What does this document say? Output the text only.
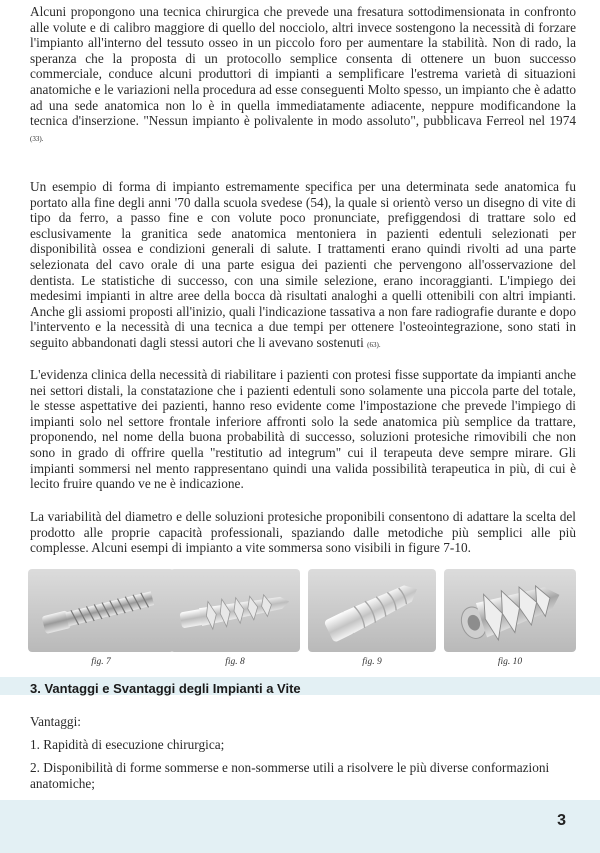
Alcuni propongono una tecnica chirurgica che prevede una fresatura sottodimensionata in confronto alle volute e di calibro maggiore di quello del nocciolo, altri invece sostengono la necessità di forzare l'impianto all'interno del tessuto osseo in un piccolo foro per aumentare la stabilità. Non di rado, la speranza che la proposta di un protocollo semplice consenta di ottenere un buon successo commerciale, conduce alcuni produttori di impianti a semplificare l'estrema varietà di situazioni anatomiche e le variazioni nella procedura ad esse conseguenti Molto spesso, un impianto che è adatto ad una sede anatomica non lo è in quella immediatamente adiacente, neppure modificandone la tecnica d'inserzione. "Nessun impianto è polivalente in modo assoluto", pubblicava Ferreol nel 1974 (33).

Un esempio di forma di impianto estremamente specifica per una determinata sede anatomica fu portato alla fine degli anni '70 dalla scuola svedese (54), la quale si orientò verso un disegno di vite di tipo da ferro, a passo fine e con volute poco pronunciate, prefiggendosi di trattare solo ed esclusivamente la granitica sede anatomica mentoniera in pazienti edentuli selezionati per disponibilità ossea e condizioni generali di salute. I trattamenti erano quindi rivolti ad una parte selezionata del cavo orale di una parte esigua dei pazienti che pervengono all'osservazione del dentista. Le statistiche di successo, con una simile selezione, erano incoraggianti. L'impiego dei medesimi impianti in altre aree della bocca dà risultati analoghi a quelli ottenibili con altri impianti. Anche gli assiomi proposti all'inizio, quali l'indicazione tassativa a non fare radiografie durante e dopo l'intervento e la necessità di una tecnica a due tempi per ottenere l'osteointegrazione, sono stati in seguito abbandonati dagli stessi autori che li avevano sostenuti (63).

L'evidenza clinica della necessità di riabilitare i pazienti con protesi fisse supportate da impianti anche nei settori distali, la constatazione che i pazienti edentuli sono solamente una piccola parte del totale, le stesse aspettative dei pazienti, hanno reso evidente come l'impostazione che prevede l'impiego di impianti solo nel settore frontale inferiore affronti solo la sede anatomica più semplice da trattare, proponendo, nel nome della buona probabilità di successo, soluzioni protesiche rimovibili che non sono in grado di offrire quella "restitutio ad integrum" cui il terapeuta deve sempre mirare. Gli impianti sommersi nel mento rappresentano quindi una valida possibilità terapeutica in più, di cui è lecito fruire quando ve ne è indicazione.

La variabilità del diametro e delle soluzioni protesiche proponibili consentono di adattare la scelta del prodotto alle proprie capacità professionali, spaziando dalle metodiche più semplici alle più complesse. Alcuni esempi di impianto a vite sommersa sono visibili in figure 7-10.

fig. 7	fig. 8	fig. 9	fig. 10
3. Vantaggi e Svantaggi degli Impianti a Vite

Vantaggi:

1. Rapidità di esecuzione chirurgica;

2. Disponibilità di forme sommerse e non-sommerse utili a risolvere le più diverse conformazioni anatomiche;

3
